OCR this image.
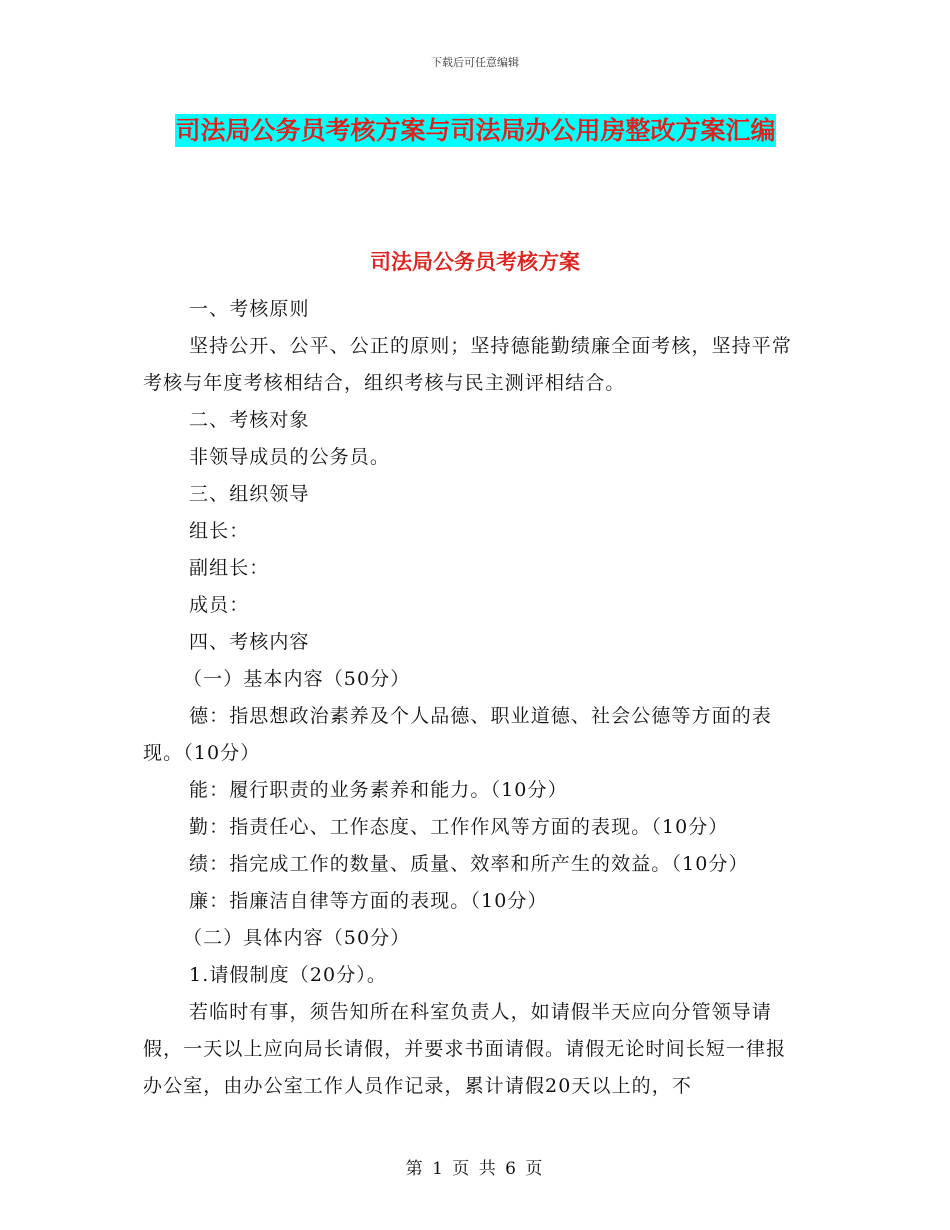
下载后可任意编辑
司法局公务员考核方案与司法局办公用房整改方案汇编
司法局公务员考核方案

一、考核原则

坚持公开、公平、公正的原则；坚持德能勤绩廉全面考核，坚持平常考核与年度考核相结合，组织考核与民主测评相结合。

二、考核对象

非领导成员的公务员。

三、组织领导

组长：

副组长：

成员：

四、考核内容

（一）基本内容（50分）

德：指思想政治素养及个人品德、职业道德、社会公德等方面的表现。（10分）

能：履行职责的业务素养和能力。（10分）

勤：指责任心、工作态度、工作作风等方面的表现。（10分）

绩：指完成工作的数量、质量、效率和所产生的效益。（10分）

廉：指廉洁自律等方面的表现。（10分）

（二）具体内容（50分）

1.请假制度（20分）。

若临时有事，须告知所在科室负责人，如请假半天应向分管领导请假，一天以上应向局长请假，并要求书面请假。请假无论时间长短一律报办公室，由办公室工作人员作记录，累计请假20天以上的，不

第 1 页 共 6 页
